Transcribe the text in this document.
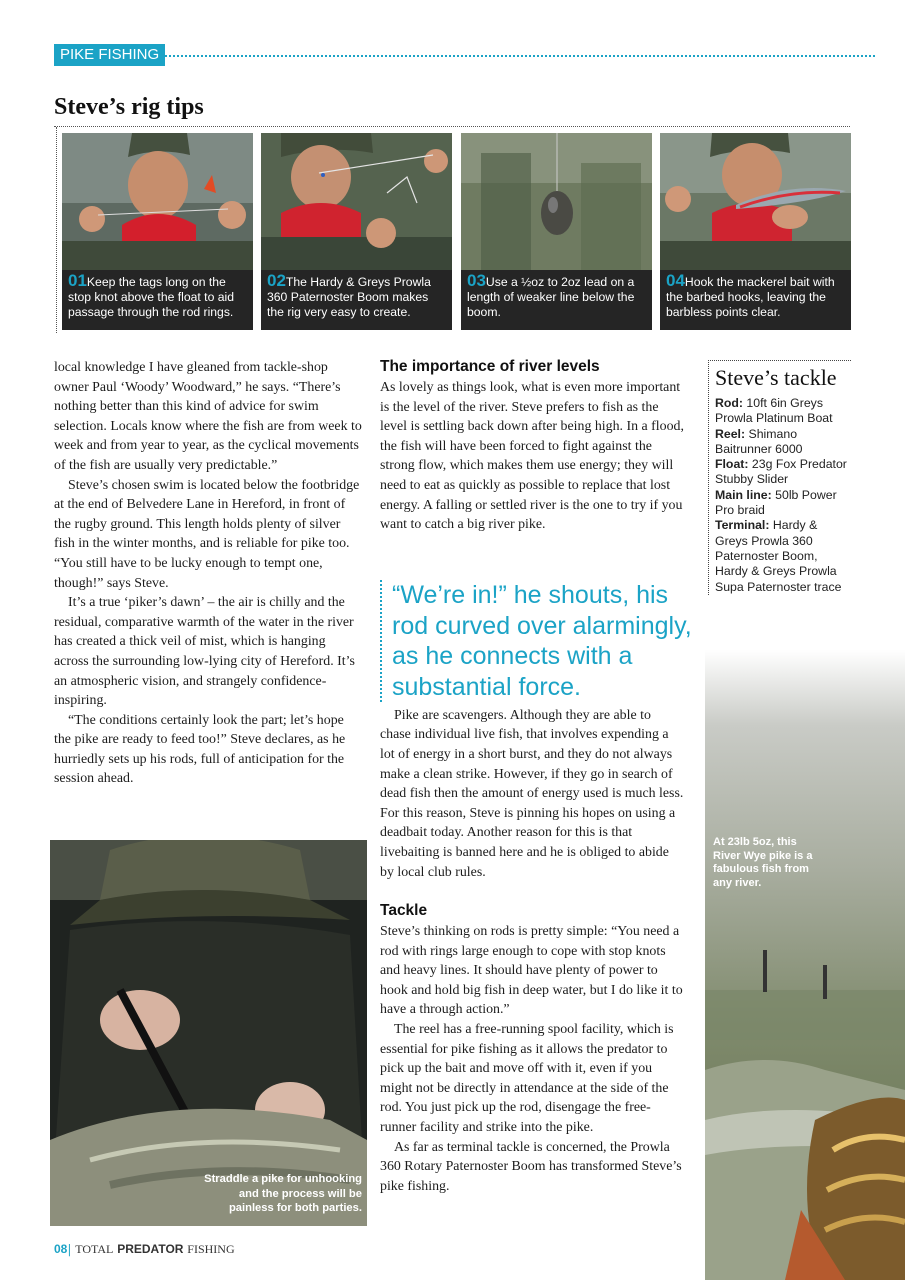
PIKE FISHING
Steve’s rig tips
01Keep the tags long on the stop knot above the float to aid passage through the rod rings.
02The Hardy & Greys Prowla 360 Paternoster Boom makes the rig very easy to create.
03Use a ½oz to 2oz lead on a length of weaker line below the boom.
04Hook the mackerel bait with the barbed hooks, leaving the barbless points clear.

local knowledge I have gleaned from tackle-shop owner Paul ‘Woody’ Woodward,” he says. “There’s nothing better than this kind of advice for swim selection. Locals know where the fish are from week to week and from year to year, as the cyclical movements of the fish are usually very predictable.”

Steve’s chosen swim is located below the footbridge at the end of Belvedere Lane in Hereford, in front of the rugby ground. This length holds plenty of silver fish in the winter months, and is reliable for pike too. “You still have to be lucky enough to tempt one, though!” says Steve.

It’s a true ‘piker’s dawn’ – the air is chilly and the residual, comparative warmth of the water in the river has created a thick veil of mist, which is hanging across the surrounding low-lying city of Hereford. It’s an atmospheric vision, and strangely confidence-inspiring.

“The conditions certainly look the part; let’s hope the pike are ready to feed too!” Steve declares, as he hurriedly sets up his rods, full of anticipation for the session ahead.

The importance of river levels

As lovely as things look, what is even more important is the level of the river. Steve prefers to fish as the level is settling back down after being high. In a flood, the fish will have been forced to fight against the strong flow, which makes them use energy; they will need to eat as quickly as possible to replace that lost energy. A falling or settled river is the one to try if you want to catch a big river pike.

Pike are scavengers. Although they are able to chase individual live fish, that involves expending a lot of energy in a short burst, and they do not always make a clean strike. However, if they go in search of dead fish then the amount of energy used is much less. For this reason, Steve is pinning his hopes on using a deadbait today. Another reason for this is that livebaiting is banned here and he is obliged to abide by local club rules.

Tackle

Steve’s thinking on rods is pretty simple: “You need a rod with rings large enough to cope with stop knots and heavy lines. It should have plenty of power to hook and hold big fish in deep water, but I do like it to have a through action.”

The reel has a free-running spool facility, which is essential for pike fishing as it allows the predator to pick up the bait and move off with it, even if you might not be directly in attendance at the side of the rod. You just pick up the rod, disengage the free-runner facility and strike into the pike.

As far as terminal tackle is concerned, the Prowla 360 Rotary Paternoster Boom has transformed Steve’s pike fishing.

“We’re in!” he shouts, his rod curved over alarmingly, as he connects with a substantial force.
At 23lb 5oz, this River Wye pike is a fabulous fish from any river.
Steve’s tackle
Rod: 10ft 6in Greys Prowla Platinum Boat
Reel: Shimano Baitrunner 6000
Float: 23g Fox Predator Stubby Slider
Main line: 50lb Power Pro braid
Terminal: Hardy & Greys Prowla 360 Paternoster Boom, Hardy & Greys Prowla Supa Paternoster trace
Straddle a pike for unhooking and the process will be painless for both parties.
08| TOTAL PREDATOR FISHING
